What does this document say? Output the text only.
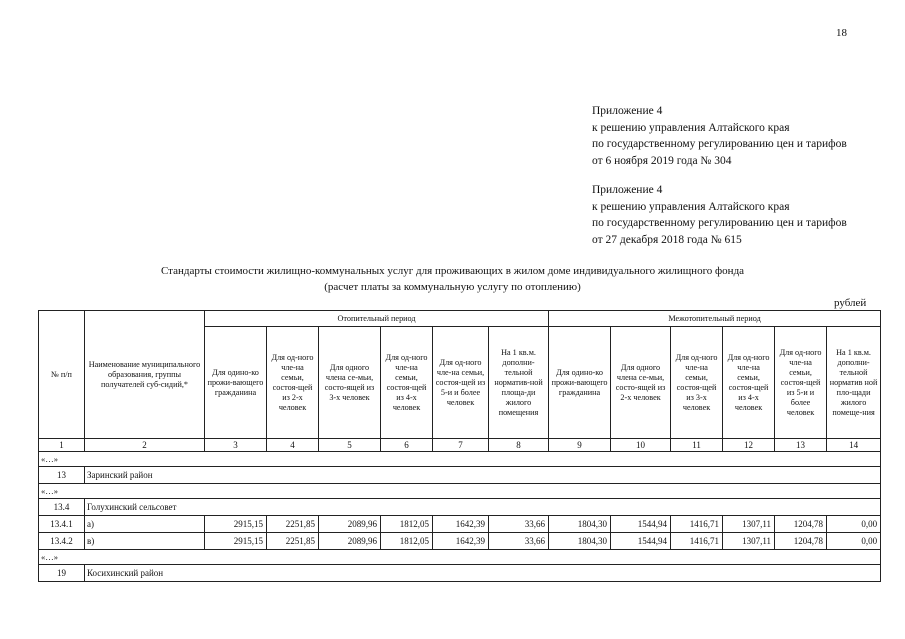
18
Приложение 4
к решению управления Алтайского края
по государственному регулированию цен и тарифов
от 6 ноября 2019 года № 304
Приложение 4
к решению управления Алтайского края
по государственному регулированию цен и тарифов
от 27 декабря 2018 года № 615
Стандарты стоимости жилищно-коммунальных услуг для проживающих в жилом доме индивидуального жилищного фонда
(расчет платы за коммунальную услугу по отоплению)
рублей
№ п/п	Наименование муниципального образования, группы получателей суб-сидий,*	Отопительный период						Межотопительный период					
		Для одино-ко прожи-вающего гражданина	Для од-ного чле-на семьи, состоя-щей из 2-х человек	Для одного члена се-мьи, состо-ящей из 3-х человек	Для од-ного чле-на семьи, состоя-щей из 4-х человек	Для од-ного чле-на семьи, состоя-щей из 5-и и более человек	На 1 кв.м. дополни-тельной норматив-ной площа-ди жилого помещения	Для одино-ко прожи-вающего гражданина	Для одного члена се-мьи, состо-ящей из 2-х человек	Для од-ного чле-на семьи, состоя-щей из 3-х человек	Для од-ного чле-на семьи, состоя-щей из 4-х человек	Для од-ного чле-на семьи, состоя-щей из 5-и и более человек	На 1 кв.м. дополни-тельной норматив ной пло-щади жилого помеще-ния
1	2	3	4	5	6	7	8	9	10	11	12	13	14
«…»													
13	Заринский район												
«…»													
13.4	Голухинский сельсовет												
13.4.1	а)	2915,15	2251,85	2089,96	1812,05	1642,39	33,66	1804,30	1544,94	1416,71	1307,11	1204,78	0,00
13.4.2	в)	2915,15	2251,85	2089,96	1812,05	1642,39	33,66	1804,30	1544,94	1416,71	1307,11	1204,78	0,00
«…»													
19	Косихинский район												
